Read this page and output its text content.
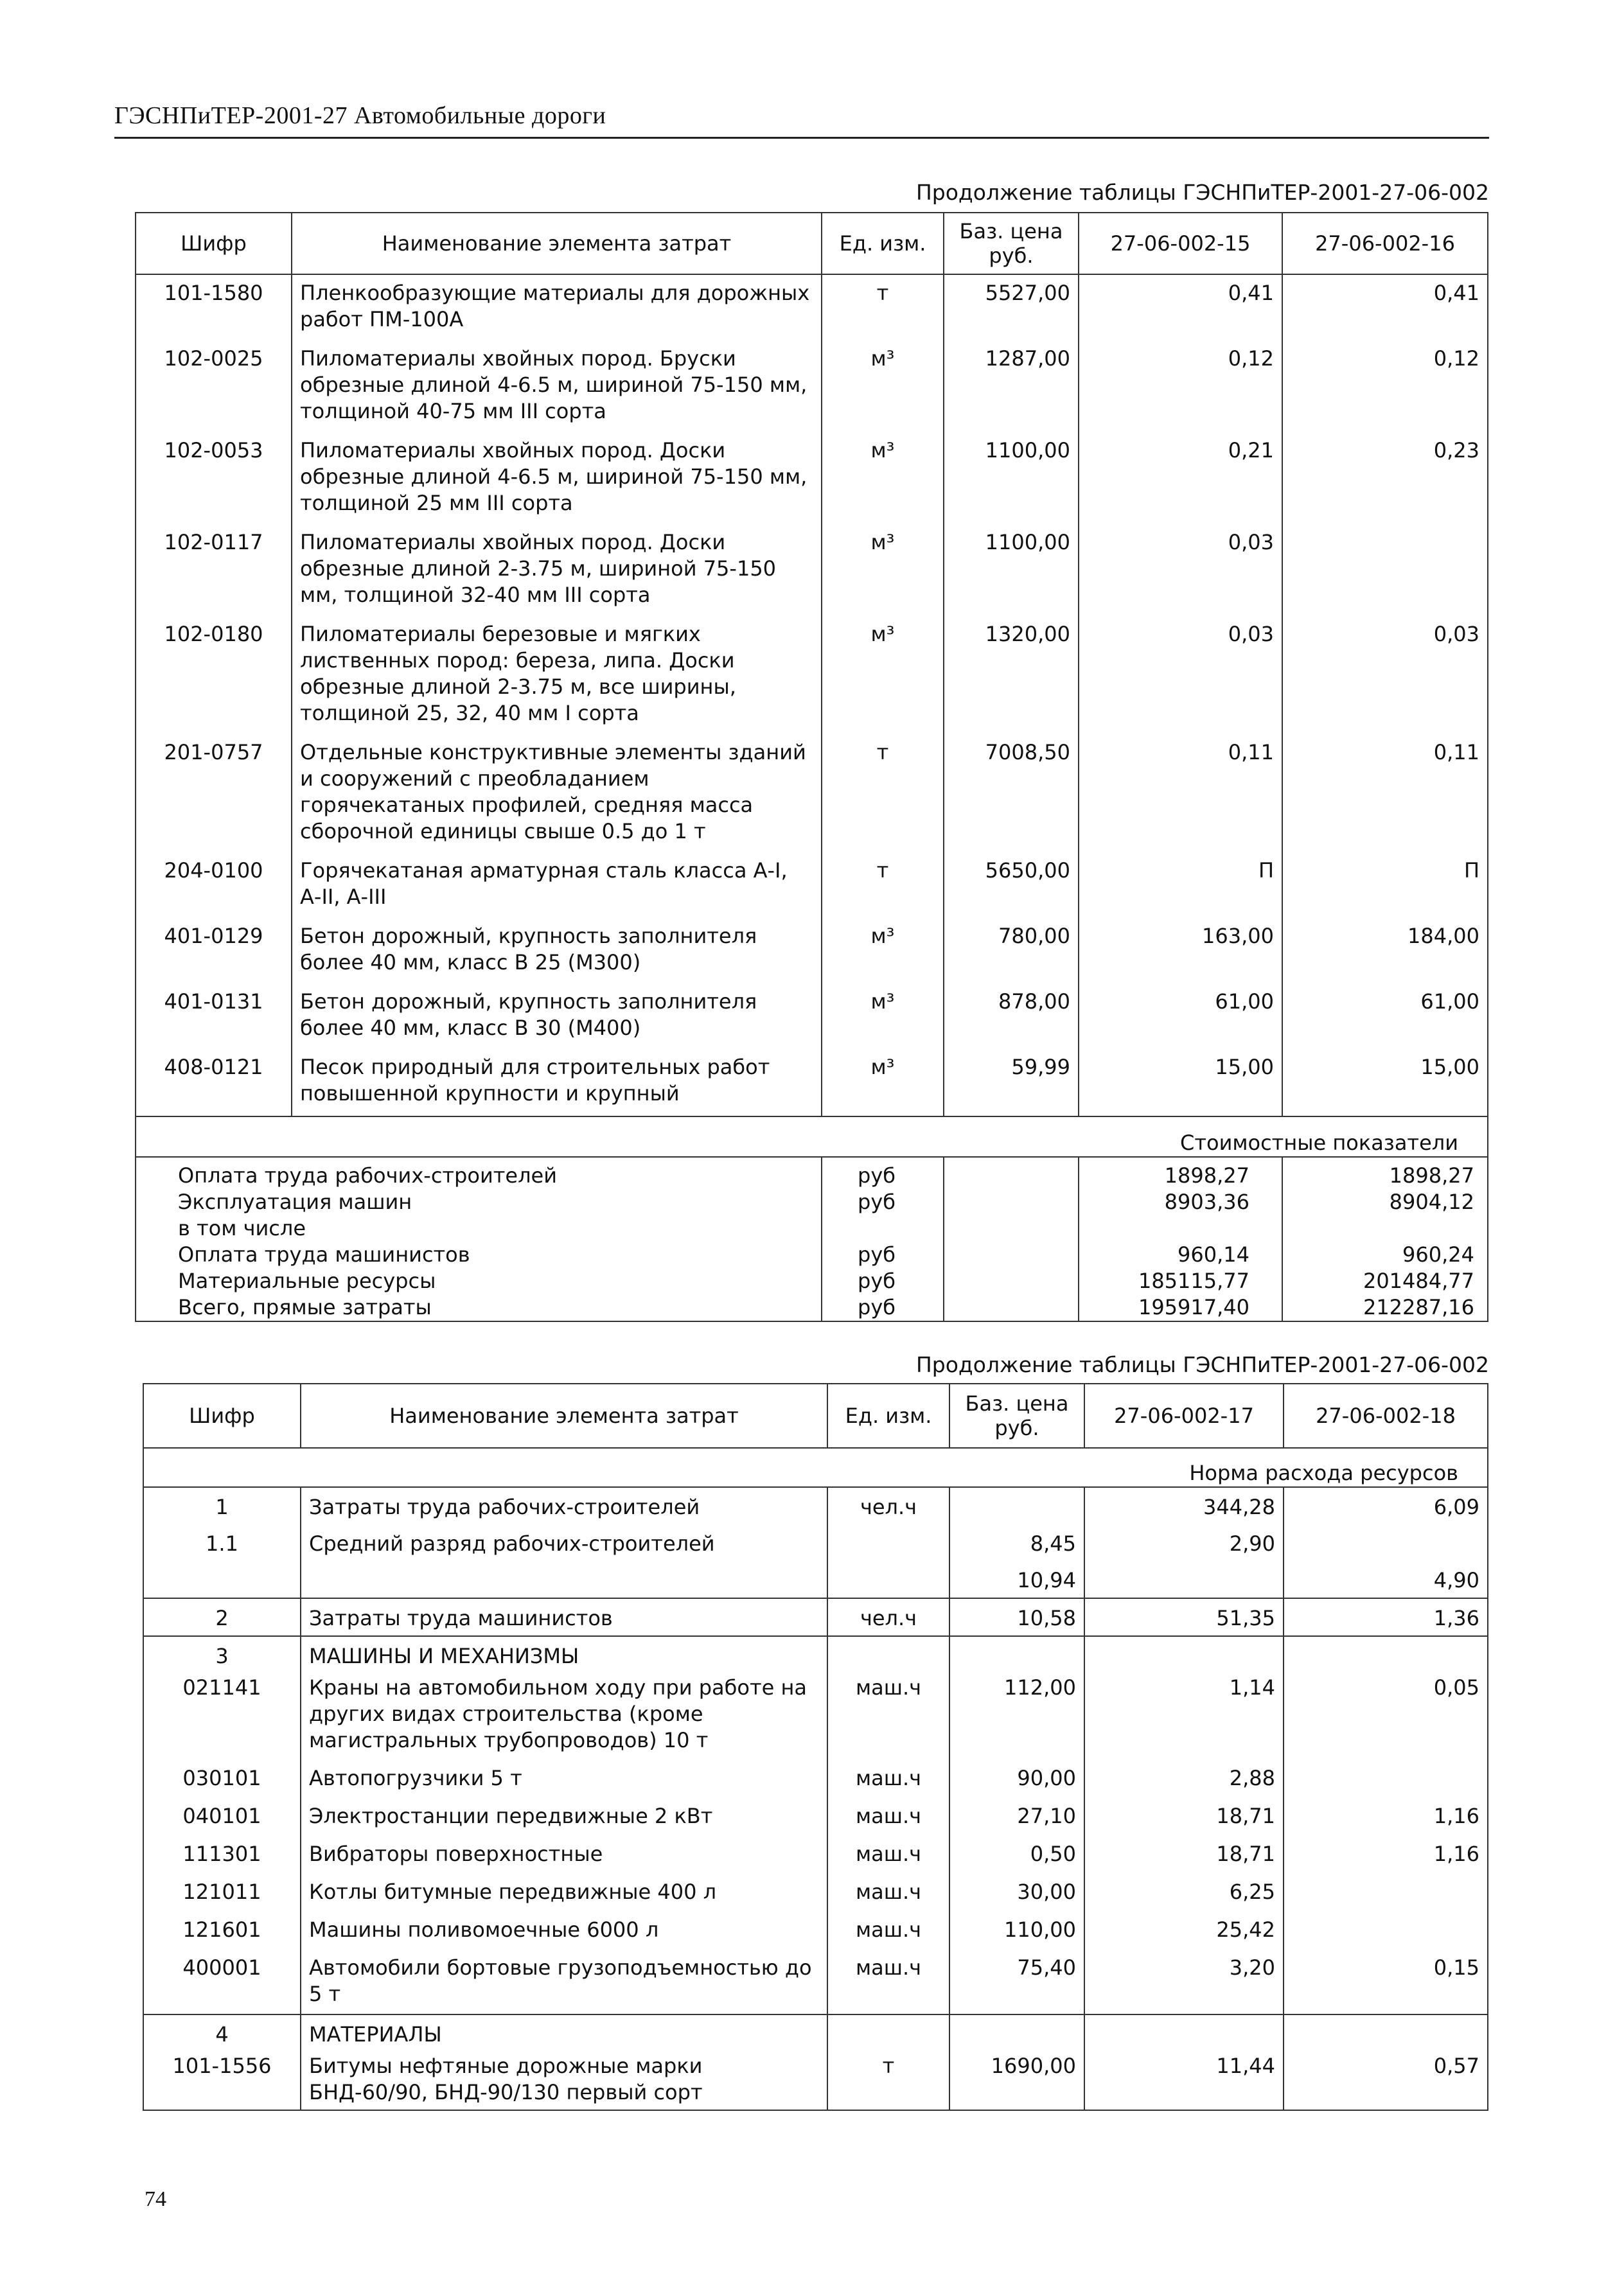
ГЭСНПиТЕР-2001-27 Автомобильные дороги
Продолжение таблицы ГЭСНПиТЕР-2001-27-06-002
Шифр	Наименование элемента затрат	Ед. изм.	Баз. цена руб.	27-06-002-15	27-06-002-16
101-1580	Пленкообразующие материалы для дорожных работ ПМ-100А	т	5527,00	0,41	0,41
102-0025	Пиломатериалы хвойных пород. Бруски обрезные длиной 4-6.5 м, шириной 75-150 мм, толщиной 40-75 мм III сорта	м³	1287,00	0,12	0,12
102-0053	Пиломатериалы хвойных пород. Доски обрезные длиной 4-6.5 м, шириной 75-150 мм, толщиной 25 мм III сорта	м³	1100,00	0,21	0,23
102-0117	Пиломатериалы хвойных пород. Доски обрезные длиной 2-3.75 м, шириной 75-150 мм, толщиной 32-40 мм III сорта	м³	1100,00	0,03	
102-0180	Пиломатериалы березовые и мягких лиственных пород: береза, липа. Доски обрезные длиной 2-3.75 м, все ширины, толщиной 25, 32, 40 мм I сорта	м³	1320,00	0,03	0,03
201-0757	Отдельные конструктивные элементы зданий и сооружений с преобладанием горячекатаных профилей, средняя масса сборочной единицы свыше 0.5 до 1 т	т	7008,50	0,11	0,11
204-0100	Горячекатаная арматурная сталь класса А-I, А-II, А-III	т	5650,00	П	П
401-0129	Бетон дорожный, крупность заполнителя более 40 мм, класс В 25 (М300)	м³	780,00	163,00	184,00
401-0131	Бетон дорожный, крупность заполнителя более 40 мм, класс В 30 (М400)	м³	878,00	61,00	61,00
408-0121	Песок природный для строительных работ повышенной крупности и крупный	м³	59,99	15,00	15,00
Стоимостные показатели					
Оплата труда рабочих-строителей		руб		1898,27	1898,27
Эксплуатация машин		руб		8903,36	8904,12
в том числе					
Оплата труда машинистов		руб		960,14	960,24
Материальные ресурсы		руб		185115,77	201484,77
Всего, прямые затраты		руб		195917,40	212287,16
Продолжение таблицы ГЭСНПиТЕР-2001-27-06-002
Шифр	Наименование элемента затрат	Ед. изм.	Баз. цена руб.	27-06-002-17	27-06-002-18
Норма расхода ресурсов					
1	Затраты труда рабочих-строителей	чел.ч		344,28	6,09
1.1	Средний разряд рабочих-строителей		8,45	2,90	
			10,94		4,90
2	Затраты труда машинистов	чел.ч	10,58	51,35	1,36
3	МАШИНЫ И МЕХАНИЗМЫ				
021141	Краны на автомобильном ходу при работе на других видах строительства (кроме магистральных трубопроводов) 10 т	маш.ч	112,00	1,14	0,05
030101	Автопогрузчики 5 т	маш.ч	90,00	2,88	
040101	Электростанции передвижные 2 кВт	маш.ч	27,10	18,71	1,16
111301	Вибраторы поверхностные	маш.ч	0,50	18,71	1,16
121011	Котлы битумные передвижные 400 л	маш.ч	30,00	6,25	
121601	Машины поливомоечные 6000 л	маш.ч	110,00	25,42	
400001	Автомобили бортовые грузоподъемностью до 5 т	маш.ч	75,40	3,20	0,15
4	МАТЕРИАЛЫ				
101-1556	Битумы нефтяные дорожные марки БНД-60/90, БНД-90/130 первый сорт	т	1690,00	11,44	0,57
74
